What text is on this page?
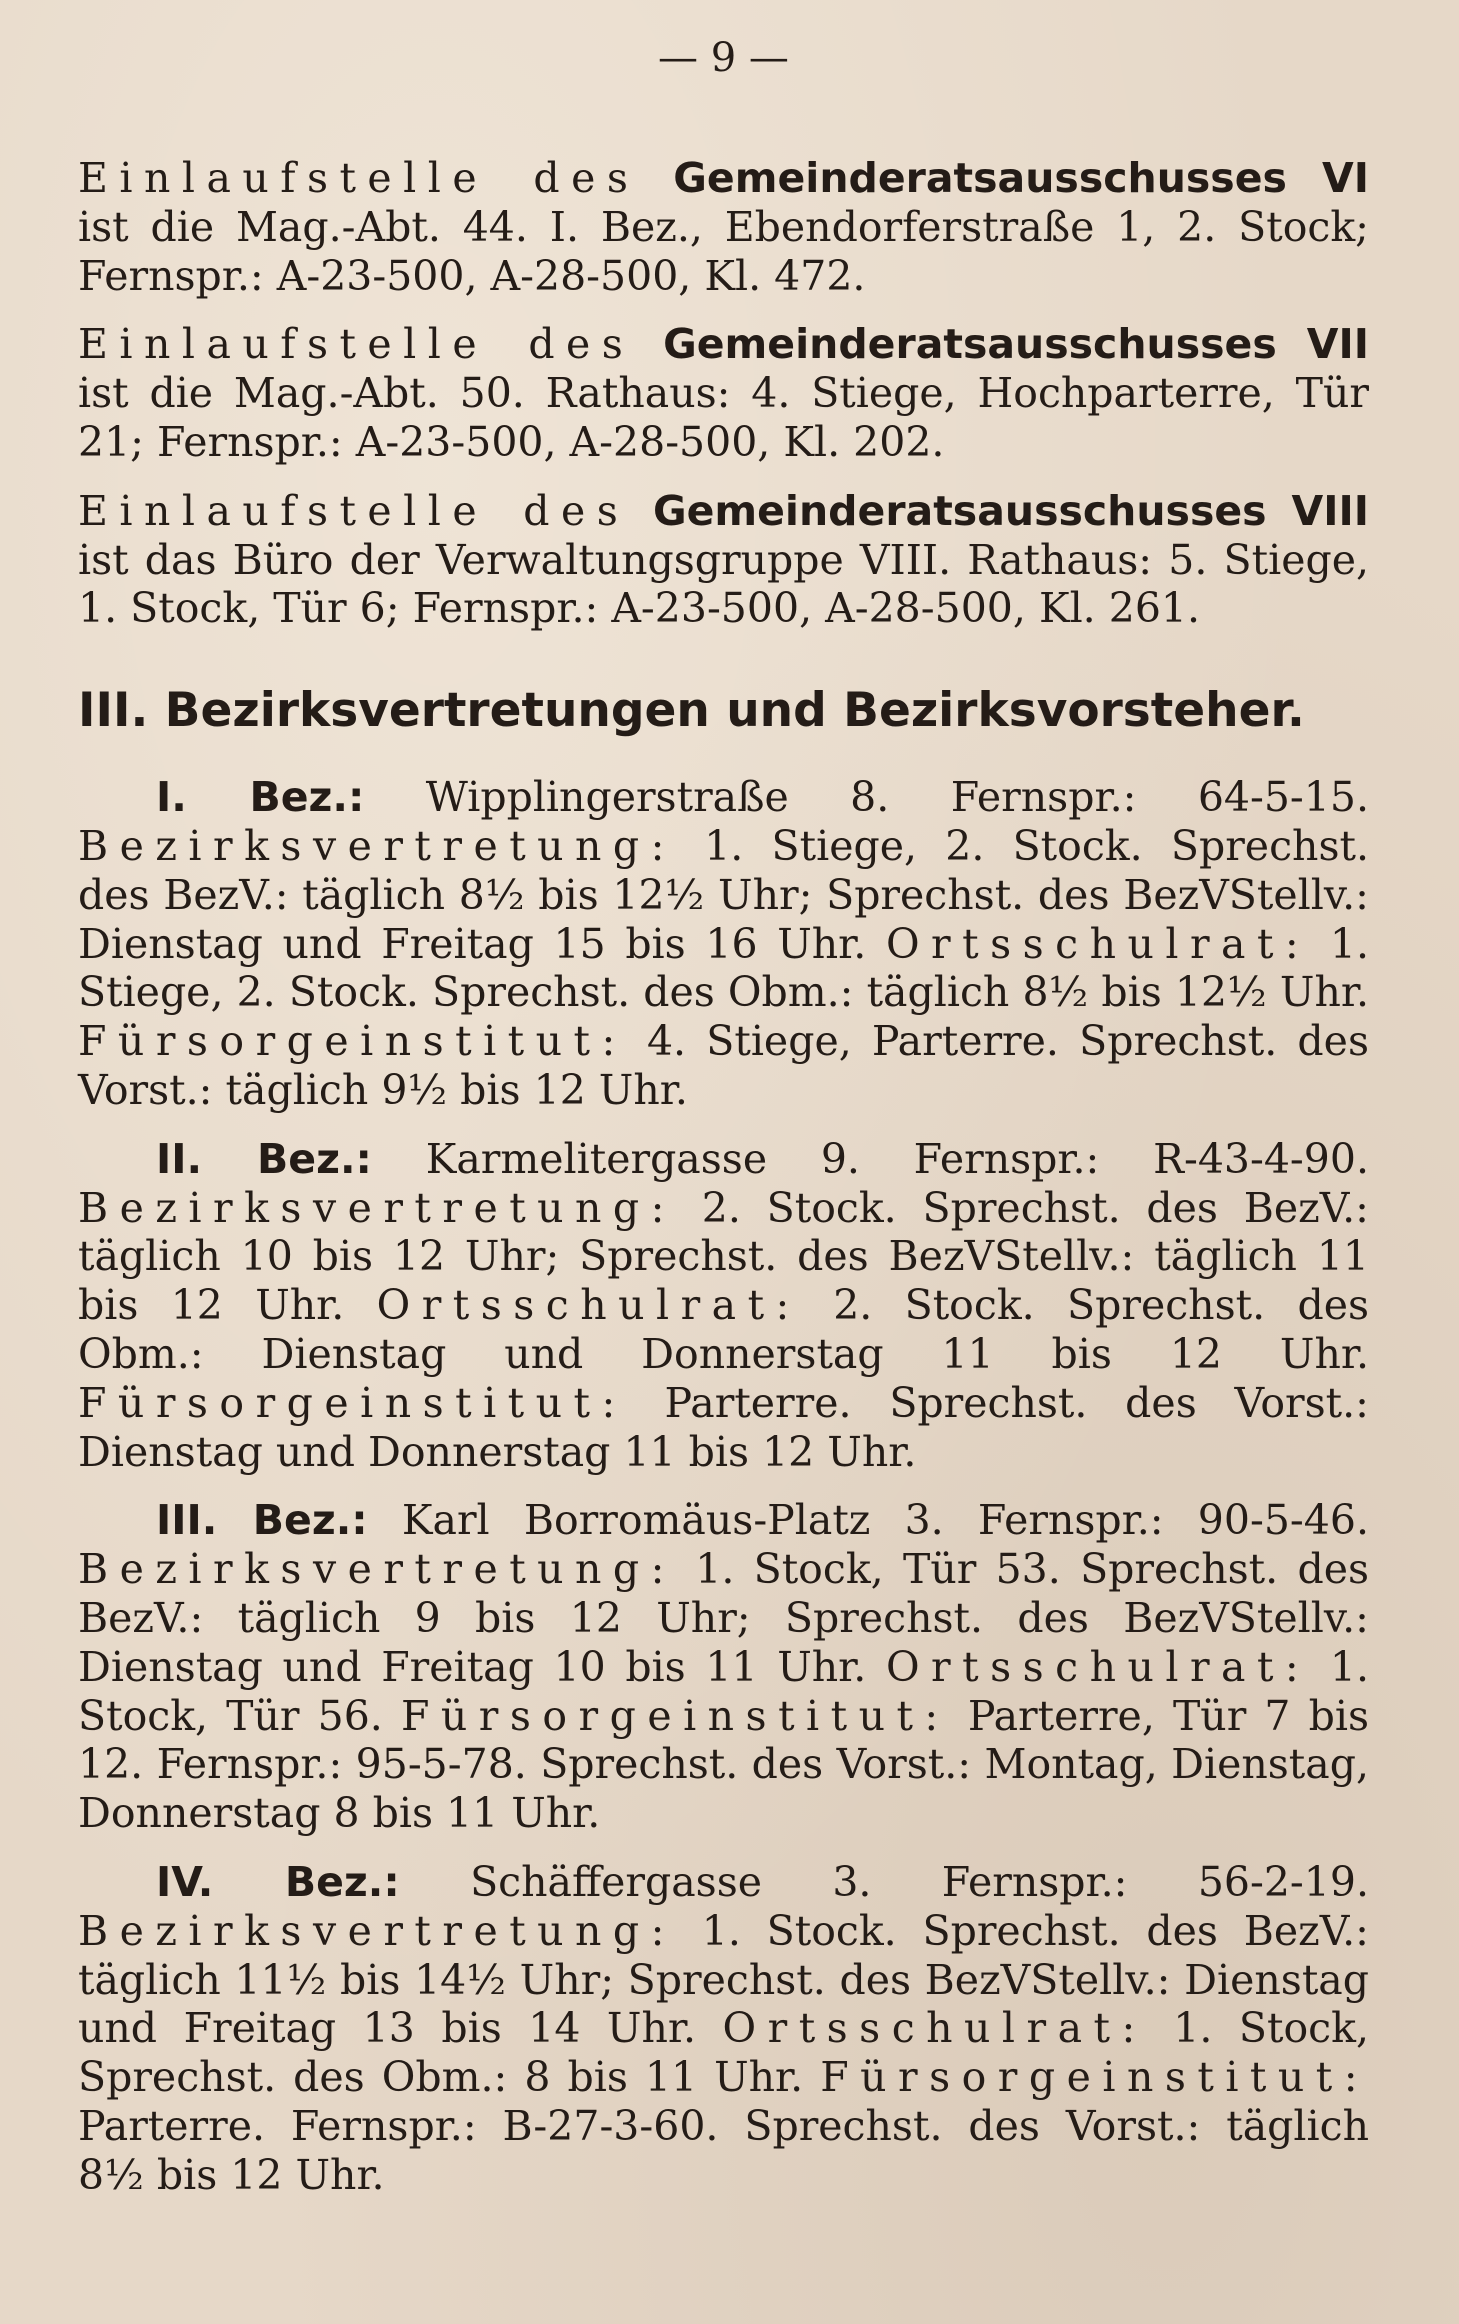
— 9 —

Einlaufstelle des Gemeinderatsausschusses VI ist die Mag.-Abt. 44. I. Bez., Ebendorferstraße 1, 2. Stock; Fernspr.: A-23-500, A-28-500, Kl. 472.

Einlaufstelle des Gemeinderatsausschusses VII ist die Mag.-Abt. 50. Rathaus: 4. Stiege, Hochparterre, Tür 21; Fernspr.: A-23-500, A-28-500, Kl. 202.

Einlaufstelle des Gemeinderatsausschusses VIII ist das Büro der Verwaltungsgruppe VIII. Rathaus: 5. Stiege, 1. Stock, Tür 6; Fernspr.: A-23-500, A-28-500, Kl. 261.

III. Bezirksvertretungen und Bezirksvorsteher.

I. Bez.: Wipplingerstraße 8. Fernspr.: 64-5-15. Bezirksvertretung: 1. Stiege, 2. Stock. Sprechst. des BezV.: täglich 8½ bis 12½ Uhr; Sprechst. des BezVStellv.: Dienstag und Freitag 15 bis 16 Uhr. Ortsschulrat: 1. Stiege, 2. Stock. Sprechst. des Obm.: täglich 8½ bis 12½ Uhr. Fürsorgeinstitut: 4. Stiege, Parterre. Sprechst. des Vorst.: täglich 9½ bis 12 Uhr.

II. Bez.: Karmelitergasse 9. Fernspr.: R-43-4-90. Bezirksvertretung: 2. Stock. Sprechst. des BezV.: täglich 10 bis 12 Uhr; Sprechst. des BezVStellv.: täglich 11 bis 12 Uhr. Ortsschulrat: 2. Stock. Sprechst. des Obm.: Dienstag und Donnerstag 11 bis 12 Uhr. Fürsorgeinstitut: Parterre. Sprechst. des Vorst.: Dienstag und Donnerstag 11 bis 12 Uhr.

III. Bez.: Karl Borromäus-Platz 3. Fernspr.: 90-5-46. Bezirksvertretung: 1. Stock, Tür 53. Sprechst. des BezV.: täglich 9 bis 12 Uhr; Sprechst. des BezVStellv.: Dienstag und Freitag 10 bis 11 Uhr. Ortsschulrat: 1. Stock, Tür 56. Fürsorgeinstitut: Parterre, Tür 7 bis 12. Fernspr.: 95-5-78. Sprechst. des Vorst.: Montag, Dienstag, Donnerstag 8 bis 11 Uhr.

IV. Bez.: Schäffergasse 3. Fernspr.: 56-2-19. Bezirksvertretung: 1. Stock. Sprechst. des BezV.: täglich 11½ bis 14½ Uhr; Sprechst. des BezVStellv.: Dienstag und Freitag 13 bis 14 Uhr. Ortsschulrat: 1. Stock, Sprechst. des Obm.: 8 bis 11 Uhr. Fürsorgeinstitut: Parterre. Fernspr.: B-27-3-60. Sprechst. des Vorst.: täglich 8½ bis 12 Uhr.
